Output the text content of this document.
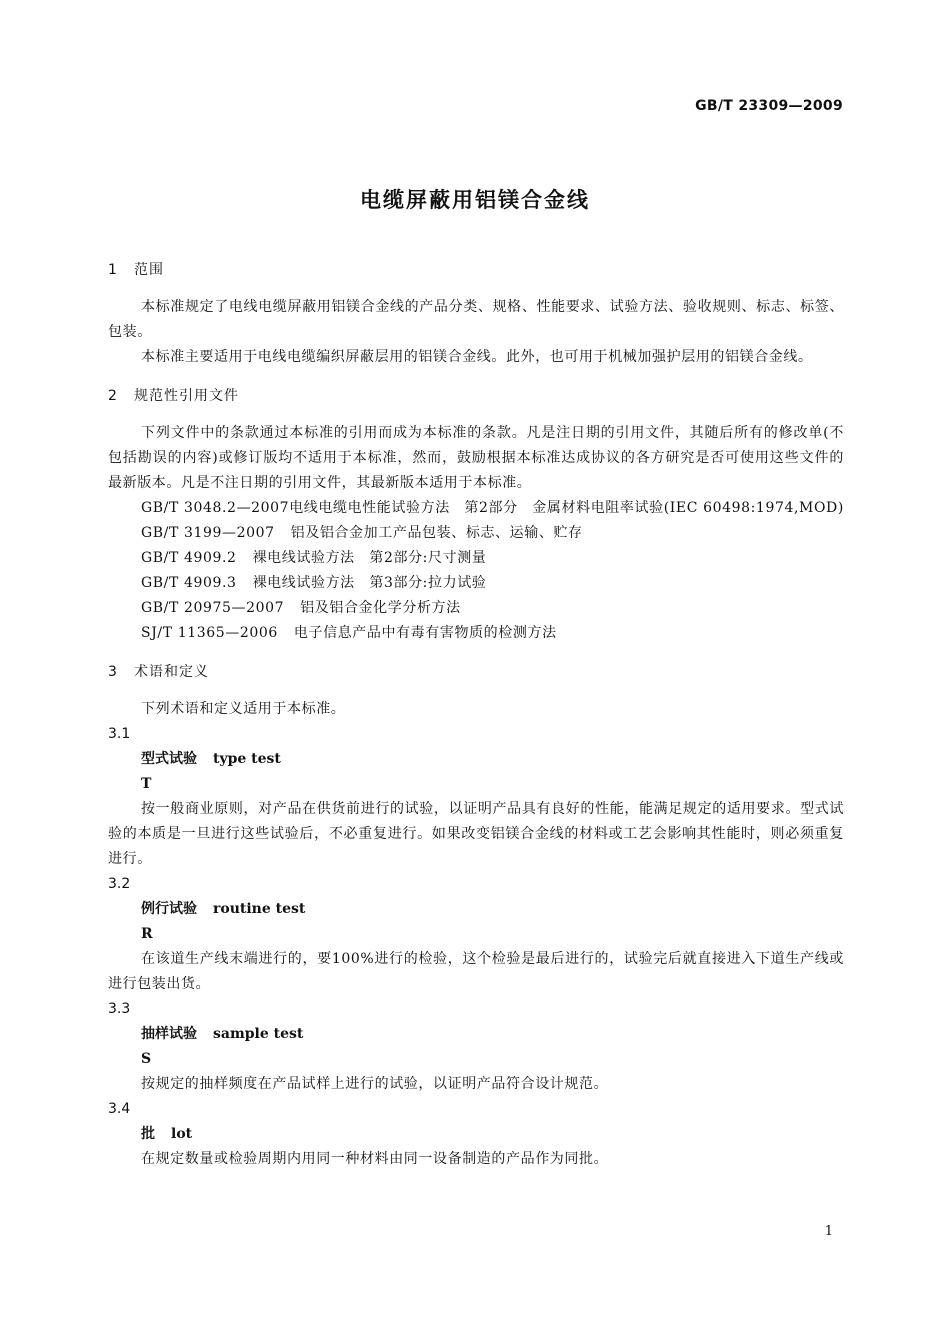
GB/T 23309—2009
电缆屏蔽用铝镁合金线
1 范围
本标准规定了电线电缆屏蔽用铝镁合金线的产品分类、规格、性能要求、试验方法、验收规则、标志、标签、包装。
本标准主要适用于电线电缆编织屏蔽层用的铝镁合金线。此外，也可用于机械加强护层用的铝镁合金线。
2 规范性引用文件
下列文件中的条款通过本标准的引用而成为本标准的条款。凡是注日期的引用文件，其随后所有的修改单(不包括勘误的内容)或修订版均不适用于本标准，然而，鼓励根据本标准达成协议的各方研究是否可使用这些文件的最新版本。凡是不注日期的引用文件，其最新版本适用于本标准。
GB/T 3048.2—2007电线电缆电性能试验方法　第2部分　金属材料电阻率试验(IEC 60498:1974,MOD)
GB/T 3199—2007 铝及铝合金加工产品包装、标志、运输、贮存
GB/T 4909.2 裸电线试验方法　第2部分:尺寸测量
GB/T 4909.3 裸电线试验方法　第3部分:拉力试验
GB/T 20975—2007 铝及铝合金化学分析方法
SJ/T 11365—2006 电子信息产品中有毒有害物质的检测方法
3 术语和定义
下列术语和定义适用于本标准。
3.1
型式试验 type test
T
按一般商业原则，对产品在供货前进行的试验，以证明产品具有良好的性能，能满足规定的适用要求。型式试验的本质是一旦进行这些试验后，不必重复进行。如果改变铝镁合金线的材料或工艺会影响其性能时，则必须重复进行。
3.2
例行试验 routine test
R
在该道生产线末端进行的，要100%进行的检验，这个检验是最后进行的，试验完后就直接进入下道生产线或进行包装出货。
3.3
抽样试验 sample test
S
按规定的抽样频度在产品试样上进行的试验，以证明产品符合设计规范。
3.4
批 lot
在规定数量或检验周期内用同一种材料由同一设备制造的产品作为同批。
1
